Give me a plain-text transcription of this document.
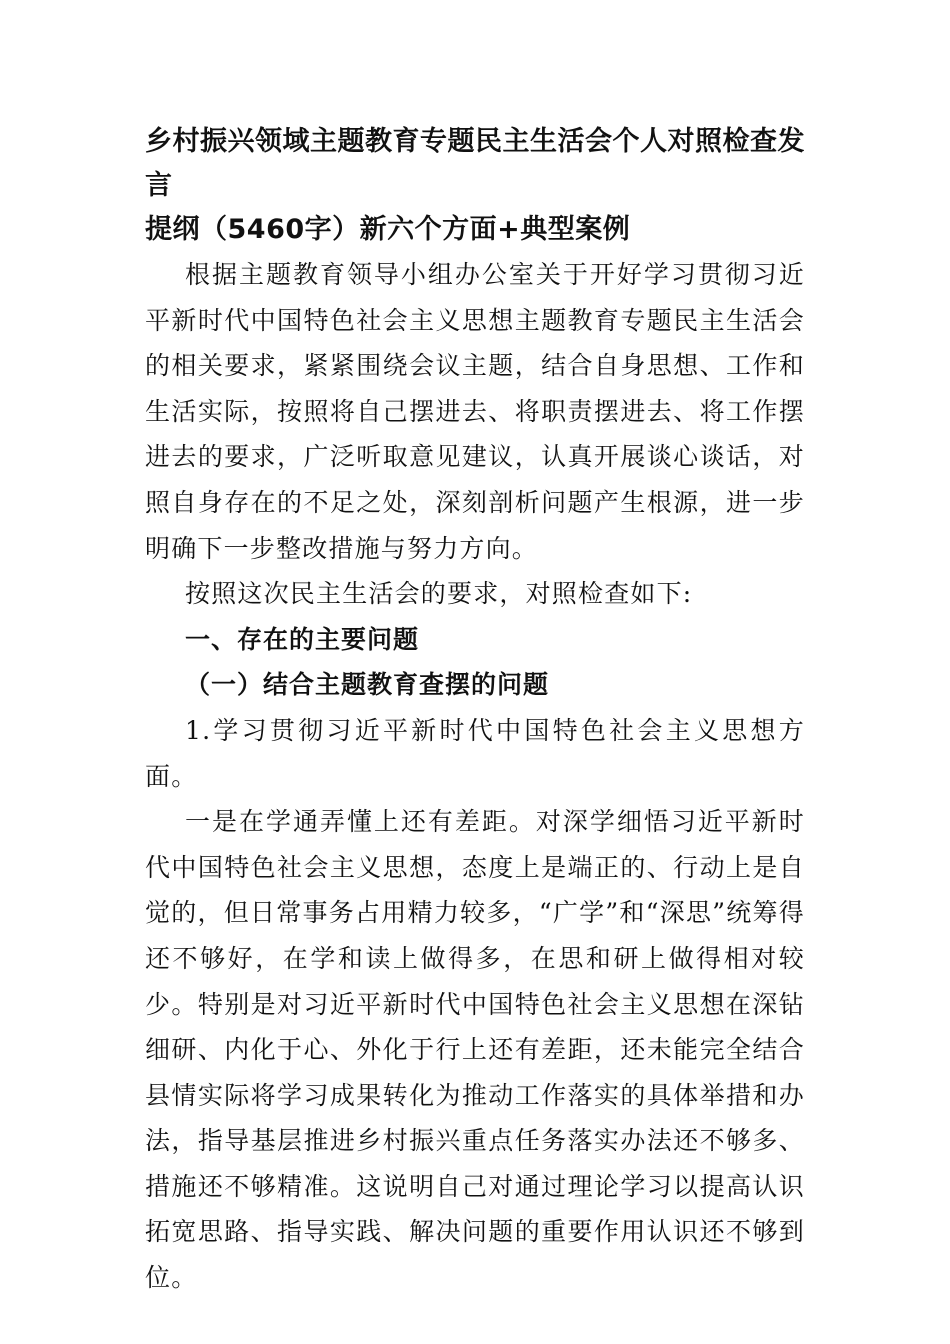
乡村振兴领域主题教育专题民主生活会个人对照检查发言
提纲（5460字）新六个方面+典型案例

根据主题教育领导小组办公室关于开好学习贯彻习近平新时代中国特色社会主义思想主题教育专题民主生活会的相关要求，紧紧围绕会议主题，结合自身思想、工作和生活实际，按照将自己摆进去、将职责摆进去、将工作摆进去的要求，广泛听取意见建议，认真开展谈心谈话，对照自身存在的不足之处，深刻剖析问题产生根源，进一步明确下一步整改措施与努力方向。

按照这次民主生活会的要求，对照检查如下:

一、存在的主要问题

（一）结合主题教育查摆的问题

1.学习贯彻习近平新时代中国特色社会主义思想方面。

一是在学通弄懂上还有差距。对深学细悟习近平新时代中国特色社会主义思想，态度上是端正的、行动上是自觉的，但日常事务占用精力较多，“广学”和“深思”统筹得还不够好，在学和读上做得多，在思和研上做得相对较少。特别是对习近平新时代中国特色社会主义思想在深钻细研、内化于心、外化于行上还有差距，还未能完全结合县情实际将学习成果转化为推动工作落实的具体举措和办法，指导基层推进乡村振兴重点任务落实办法还不够多、措施还不够精准。这说明自己对通过理论学习以提高认识拓宽思路、指导实践、解决问题的重要作用认识还不够到位。
